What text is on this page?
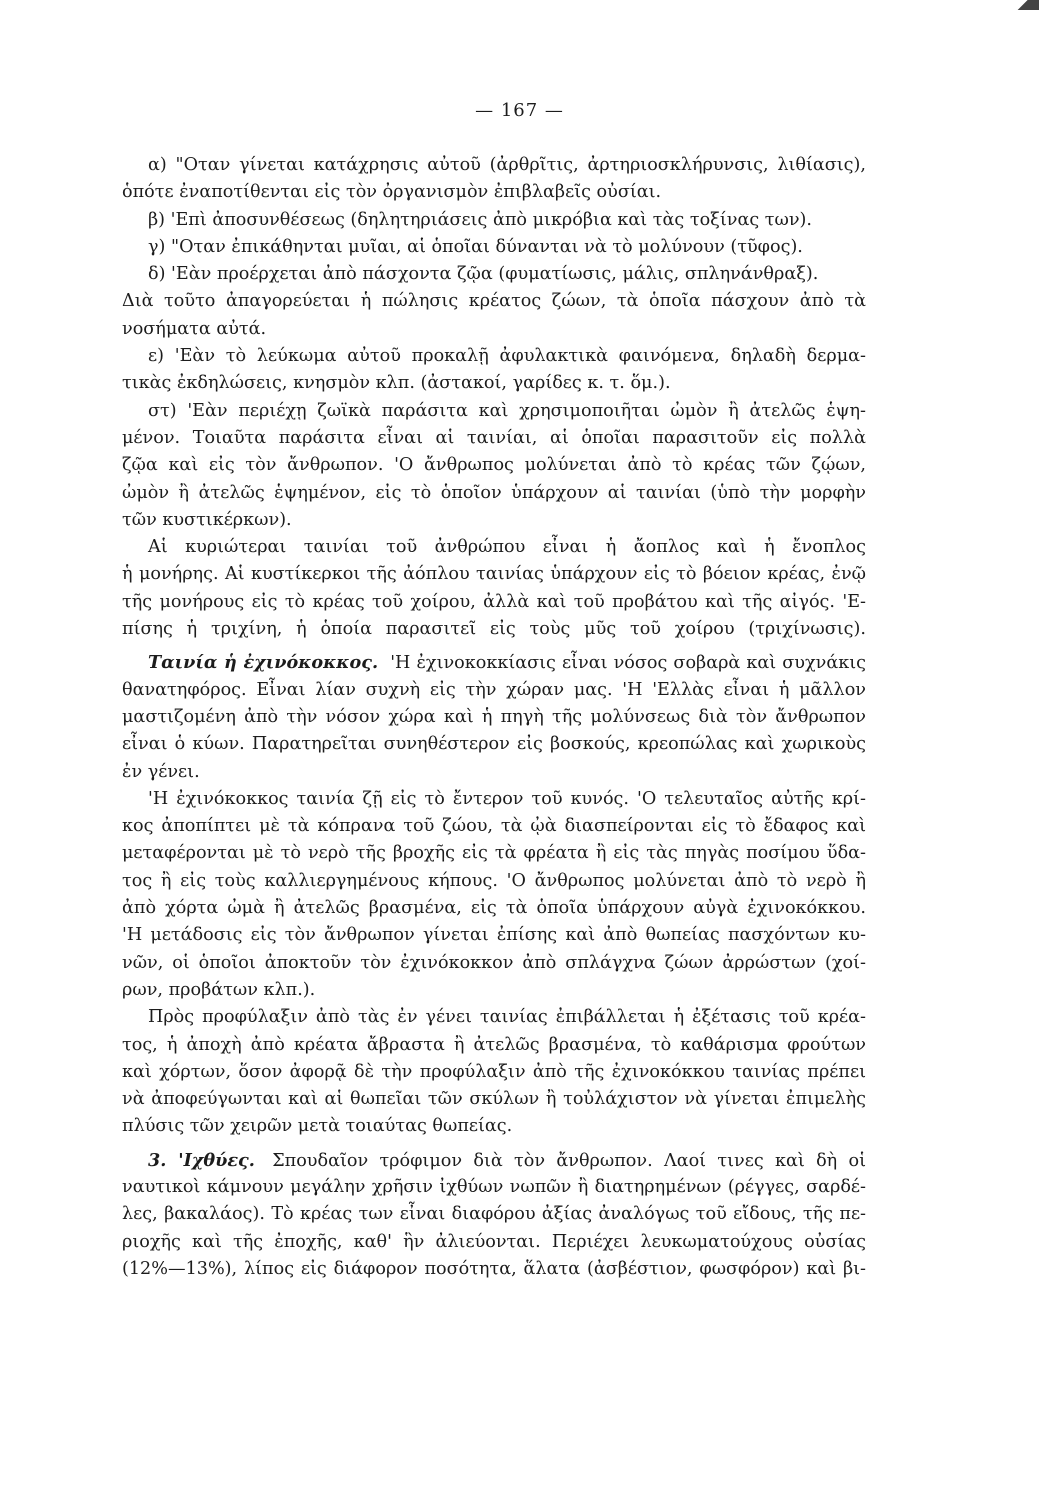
— 167 —
α) "Οταν γίνεται κατάχρησις αὐτοῦ (ἀρθρῖτις, ἀρτηριοσκλήρυνσις, λιθίασις),
ὁπότε ἐναποτίθενται εἰς τὸν ὀργανισμὸν ἐπιβλαβεῖς οὐσίαι.
β) 'Επὶ ἀποσυνθέσεως (δηλητηριάσεις ἀπὸ μικρόβια καὶ τὰς τοξίνας των).
γ) "Οταν ἐπικάθηνται μυῖαι, αἱ ὁποῖαι δύνανται νὰ τὸ μολύνουν (τῦφος).
δ) 'Εὰν προέρχεται ἀπὸ πάσχοντα ζῷα (φυματίωσις, μάλις, σπληνάνθραξ).
Διὰ τοῦτο ἀπαγορεύεται ἡ πώλησις κρέατος ζώων, τὰ ὁποῖα πάσχουν ἀπὸ τὰ
νοσήματα αὐτά.
ε) 'Εὰν τὸ λεύκωμα αὐτοῦ προκαλῇ ἀφυλακτικὰ φαινόμενα, δηλαδὴ δερμα-
τικὰς ἐκδηλώσεις, κνησμὸν κλπ. (ἀστακοί, γαρίδες κ. τ. ὅμ.).
στ) 'Εὰν περιέχῃ ζωϊκὰ παράσιτα καὶ χρησιμοποιῆται ὠμὸν ἢ ἀτελῶς ἑψη-
μένον. Τοιαῦτα παράσιτα εἶναι αἱ ταινίαι, αἱ ὁποῖαι παρασιτοῦν εἰς πολλὰ
ζῷα καὶ εἰς τὸν ἄνθρωπον. 'Ο ἄνθρωπος μολύνεται ἀπὸ τὸ κρέας τῶν ζῴων,
ὠμὸν ἢ ἀτελῶς ἑψημένον, εἰς τὸ ὁποῖον ὑπάρχουν αἱ ταινίαι (ὑπὸ τὴν μορφὴν
τῶν κυστικέρκων).
Αἱ κυριώτεραι ταινίαι τοῦ ἀνθρώπου εἶναι ἡ ἄοπλος καὶ ἡ ἔνοπλος
ἡ μονήρης. Αἱ κυστίκερκοι τῆς ἀόπλου ταινίας ὑπάρχουν εἰς τὸ βόειον κρέας, ἐνῷ
τῆς μονήρους εἰς τὸ κρέας τοῦ χοίρου, ἀλλὰ καὶ τοῦ προβάτου καὶ τῆς αἰγός. 'Ε-
πίσης ἡ τριχίνη, ἡ ὁποία παρασιτεῖ εἰς τοὺς μῦς τοῦ χοίρου (τριχίνωσις).
Ταινία ἡ ἐχινόκοκκος. 'Η ἐχινοκοκκίασις εἶναι νόσος σοβαρὰ καὶ συχνάκις
θανατηφόρος. Εἶναι λίαν συχνὴ εἰς τὴν χώραν μας. 'Η 'Ελλὰς εἶναι ἡ μᾶλλον
μαστιζομένη ἀπὸ τὴν νόσον χώρα καὶ ἡ πηγὴ τῆς μολύνσεως διὰ τὸν ἄνθρωπον
εἶναι ὁ κύων. Παρατηρεῖται συνηθέστερον εἰς βοσκούς, κρεοπώλας καὶ χωρικοὺς
ἐν γένει.
'Η ἐχινόκοκκος ταινία ζῇ εἰς τὸ ἔντερον τοῦ κυνός. 'Ο τελευταῖος αὐτῆς κρί-
κος ἀποπίπτει μὲ τὰ κόπρανα τοῦ ζώου, τὰ ᾠὰ διασπείρονται εἰς τὸ ἔδαφος καὶ
μεταφέρονται μὲ τὸ νερὸ τῆς βροχῆς εἰς τὰ φρέατα ἢ εἰς τὰς πηγὰς ποσίμου ὕδα-
τος ἢ εἰς τοὺς καλλιεργημένους κήπους. 'Ο ἄνθρωπος μολύνεται ἀπὸ τὸ νερὸ ἢ
ἀπὸ χόρτα ὠμὰ ἢ ἀτελῶς βρασμένα, εἰς τὰ ὁποῖα ὑπάρχουν αὐγὰ ἐχινοκόκκου.
'Η μετάδοσις εἰς τὸν ἄνθρωπον γίνεται ἐπίσης καὶ ἀπὸ θωπείας πασχόντων κυ-
νῶν, οἱ ὁποῖοι ἀποκτοῦν τὸν ἐχινόκοκκον ἀπὸ σπλάγχνα ζώων ἀρρώστων (χοί-
ρων, προβάτων κλπ.).
Πρὸς προφύλαξιν ἀπὸ τὰς ἐν γένει ταινίας ἐπιβάλλεται ἡ ἐξέτασις τοῦ κρέα-
τος, ἡ ἀποχὴ ἀπὸ κρέατα ἄβραστα ἢ ἀτελῶς βρασμένα, τὸ καθάρισμα φρούτων
καὶ χόρτων, ὅσον ἀφορᾷ δὲ τὴν προφύλαξιν ἀπὸ τῆς ἐχινοκόκκου ταινίας πρέπει
νὰ ἀποφεύγωνται καὶ αἱ θωπεῖαι τῶν σκύλων ἢ τοὐλάχιστον νὰ γίνεται ἐπιμελὴς
πλύσις τῶν χειρῶν μετὰ τοιαύτας θωπείας.
3. 'Ιχθύες. Σπουδαῖον τρόφιμον διὰ τὸν ἄνθρωπον. Λαοί τινες καὶ δὴ οἱ
ναυτικοὶ κάμνουν μεγάλην χρῆσιν ἰχθύων νωπῶν ἢ διατηρημένων (ρέγγες, σαρδέ-
λες, βακαλάος). Τὸ κρέας των εἶναι διαφόρου ἀξίας ἀναλόγως τοῦ εἴδους, τῆς πε-
ριοχῆς καὶ τῆς ἐποχῆς, καθ' ἣν ἀλιεύονται. Περιέχει λευκωματούχους οὐσίας
(12%—13%), λίπος εἰς διάφορον ποσότητα, ἅλατα (ἀσβέστιον, φωσφόρον) καὶ βι-
